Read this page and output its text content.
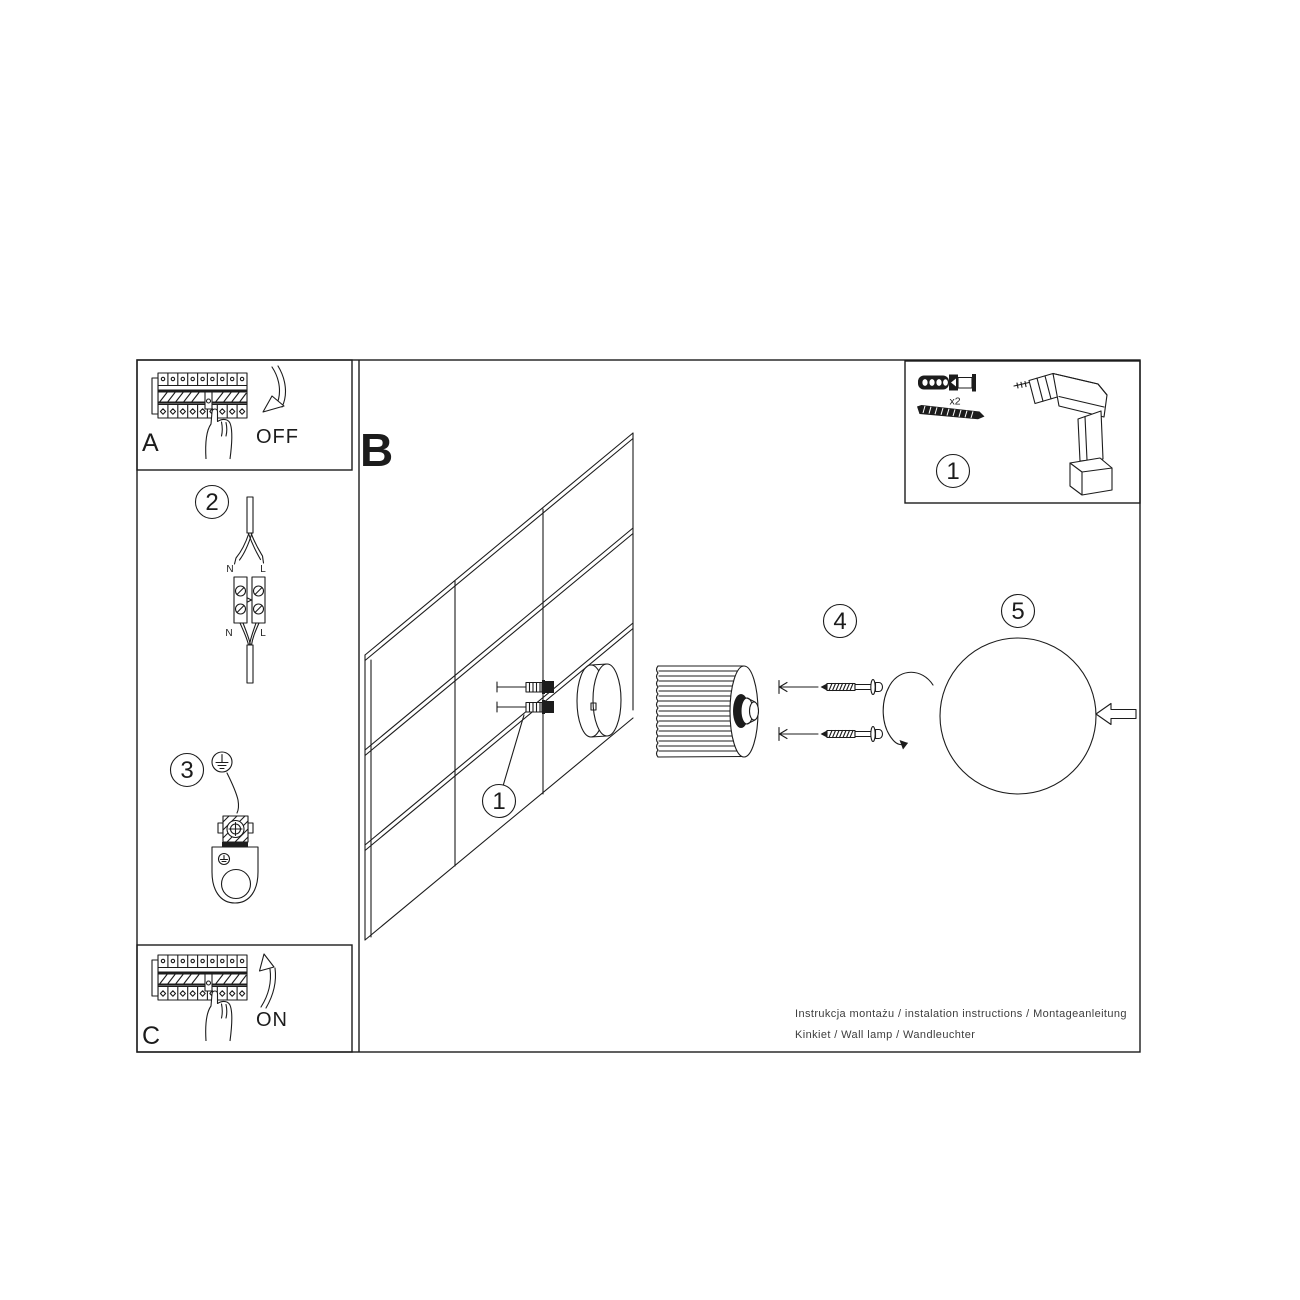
OFF
A
2
N	L
N	L
3
ON
C
B
x2
1
1
4	5
Instrukcja montażu / instalation instructions / Montageanleitung
Kinkiet / Wall lamp / Wandleuchter
